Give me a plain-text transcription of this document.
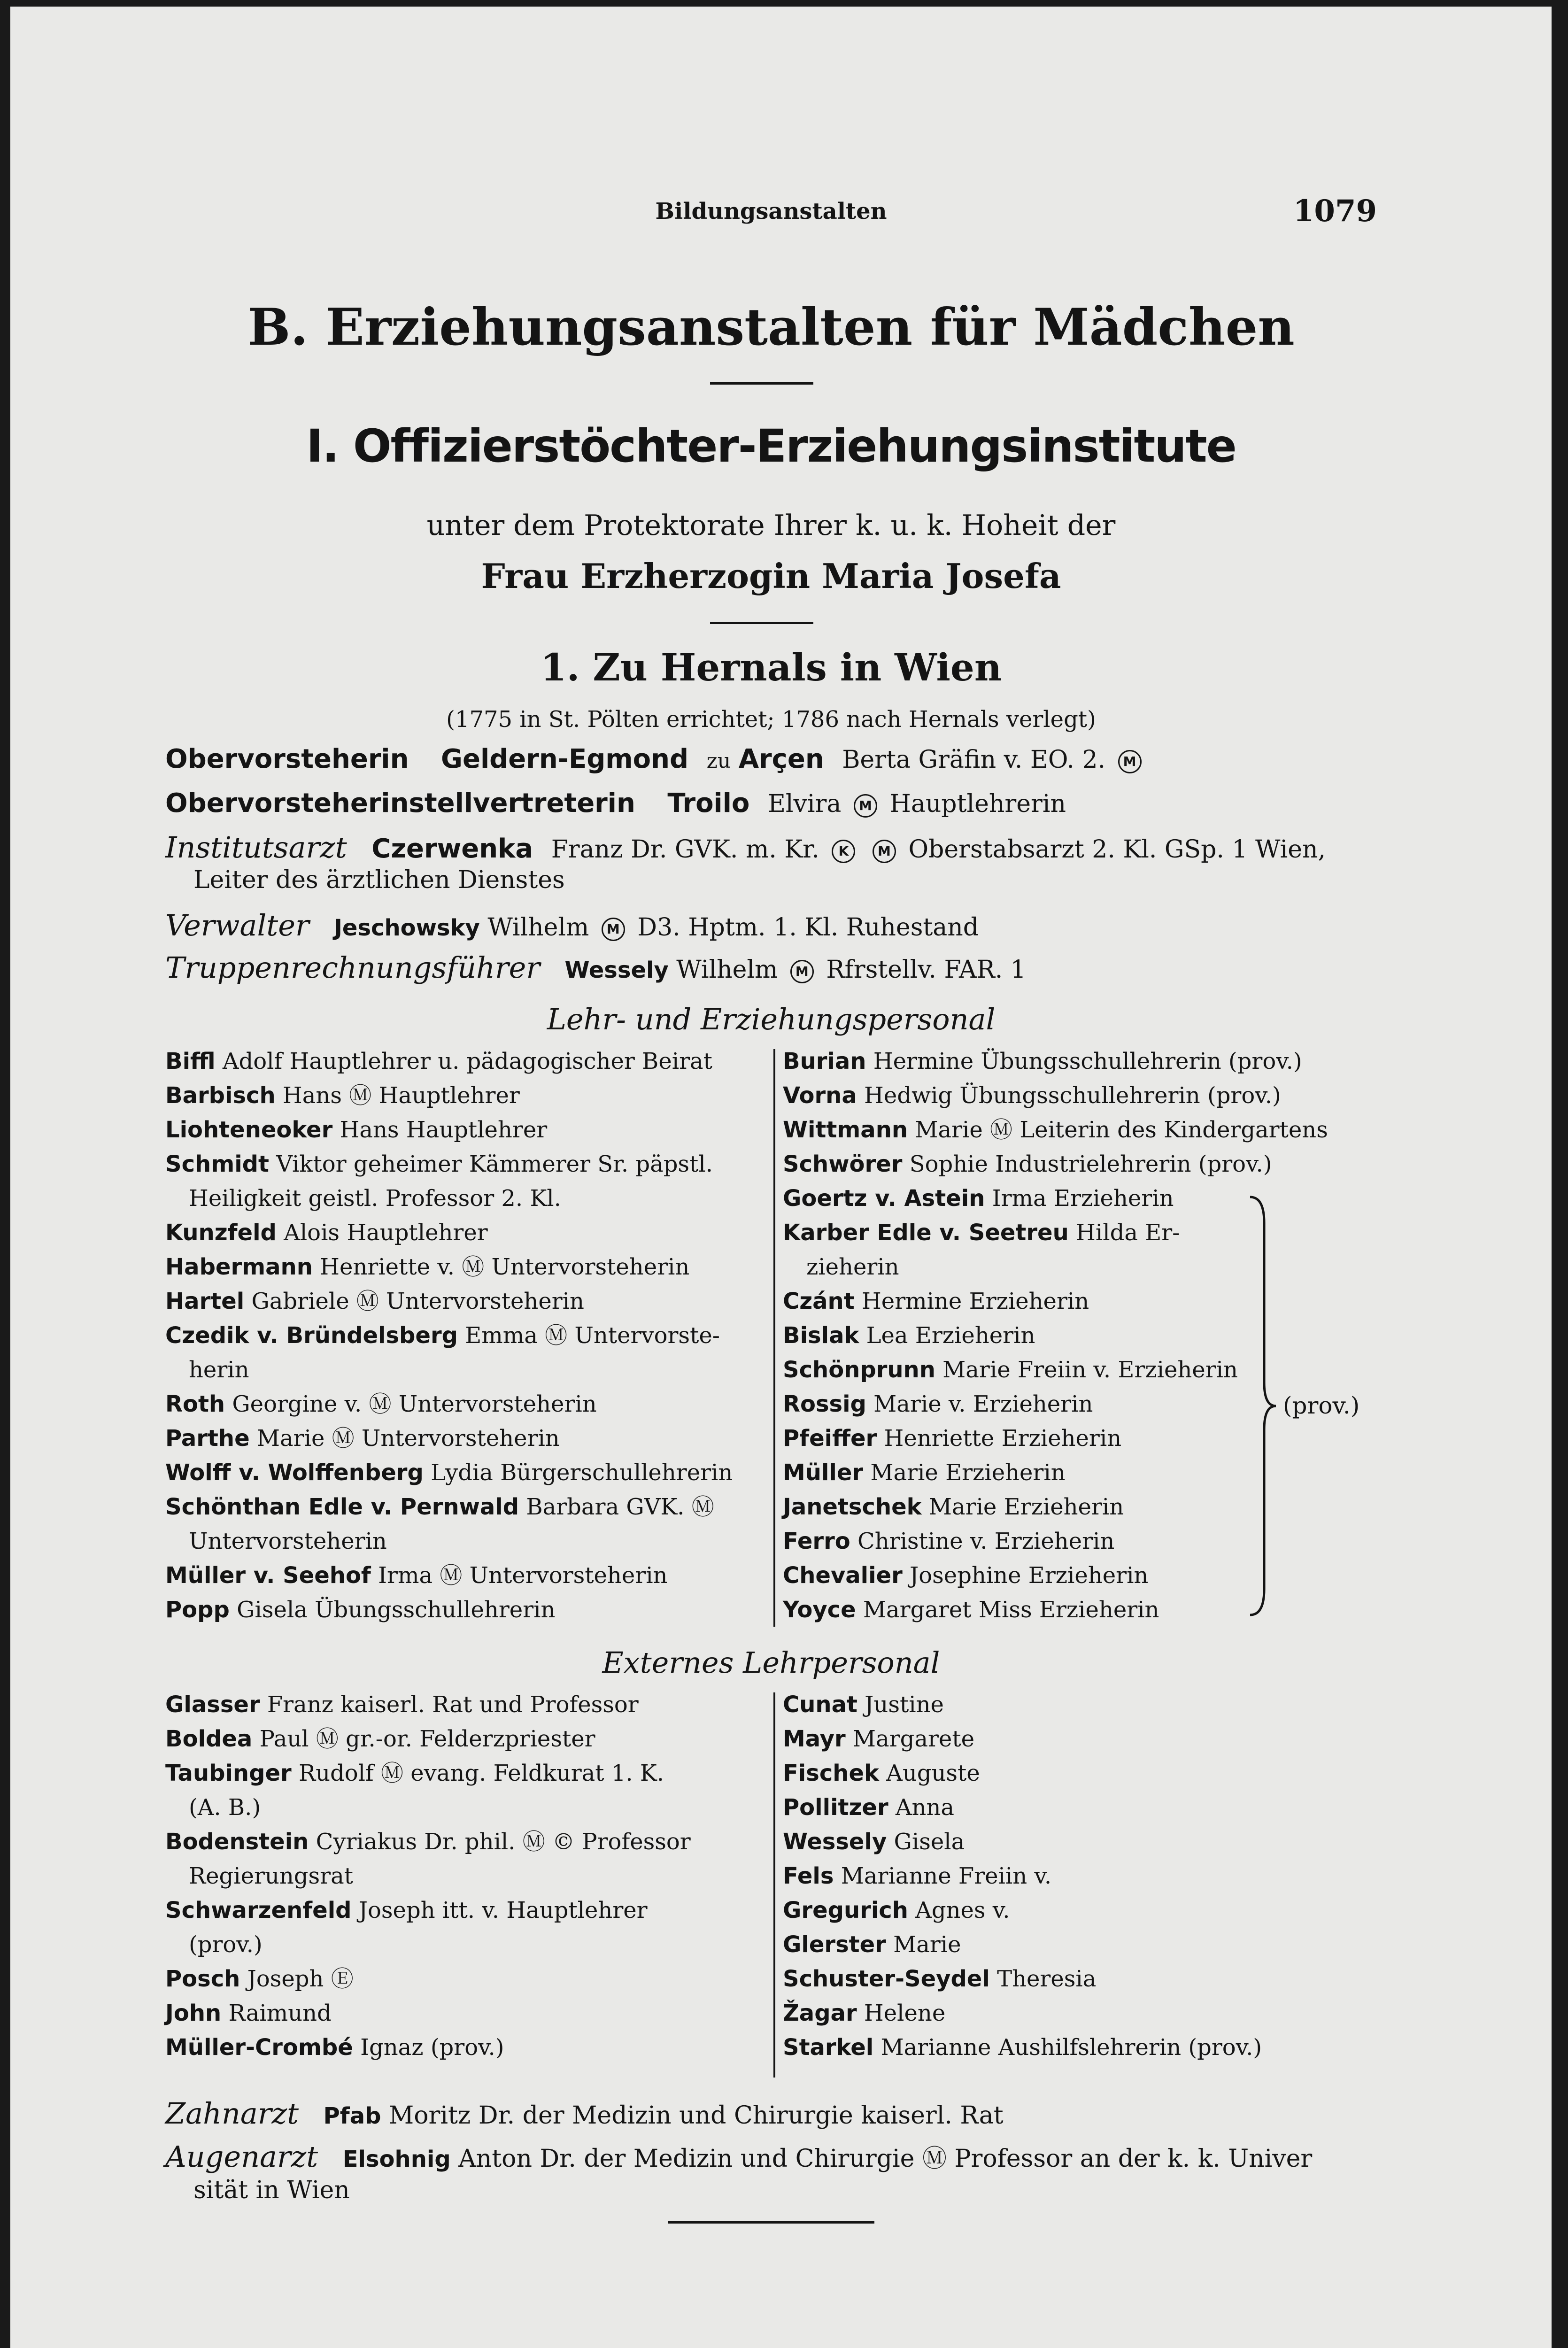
Bildungsanstalten	1079
B. Erziehungsanstalten für Mädchen
I. Offizierstöchter-Erziehungsinstitute
unter dem Protektorate Ihrer k. u. k. Hoheit der
Frau Erzherzogin Maria Josefa
1. Zu Hernals in Wien
(1775 in St. Pölten errichtet; 1786 nach Hernals verlegt)
Obervorsteherin Geldern-Egmond zu Arçen Berta Gräfin v. EO. 2. M
Obervorsteherinstellvertreterin Troilo Elvira M Hauptlehrerin
Institutsarzt Czerwenka Franz Dr. GVK. m. Kr. K M Oberstabsarzt 2. Kl. GSp. 1 Wien,
Leiter des ärztlichen Dienstes
Verwalter Jeschowsky Wilhelm M D3. Hptm. 1. Kl. Ruhestand
Truppenrechnungsführer Wessely Wilhelm M Rfrstellv. FAR. 1
Lehr- und Erziehungspersonal
Biffl Adolf Hauptlehrer u. pädagogischer Beirat
Barbisch Hans Ⓜ Hauptlehrer
Liohteneoker Hans Hauptlehrer
Schmidt Viktor geheimer Kämmerer Sr. päpstl.
Heiligkeit geistl. Professor 2. Kl.
Kunzfeld Alois Hauptlehrer
Habermann Henriette v. Ⓜ Untervorsteherin
Hartel Gabriele Ⓜ Untervorsteherin
Czedik v. Bründelsberg Emma Ⓜ Untervorste-
herin
Roth Georgine v. Ⓜ Untervorsteherin
Parthe Marie Ⓜ Untervorsteherin
Wolff v. Wolffenberg Lydia Bürgerschullehrerin
Schönthan Edle v. Pernwald Barbara GVK. Ⓜ
Untervorsteherin
Müller v. Seehof Irma Ⓜ Untervorsteherin
Popp Gisela Übungsschullehrerin
Burian Hermine Übungsschullehrerin (prov.)
Vorna Hedwig Übungsschullehrerin (prov.)
Wittmann Marie Ⓜ Leiterin des Kindergartens
Schwörer Sophie Industrielehrerin (prov.)
Goertz v. Astein Irma Erzieherin
Karber Edle v. Seetreu Hilda Er-
zieherin
Czánt Hermine Erzieherin
Bislak Lea Erzieherin
Schönprunn Marie Freiin v. Erzieherin
Rossig Marie v. Erzieherin
Pfeiffer Henriette Erzieherin
Müller Marie Erzieherin
Janetschek Marie Erzieherin
Ferro Christine v. Erzieherin
Chevalier Josephine Erzieherin
Yoyce Margaret Miss Erzieherin
(prov.)
Externes Lehrpersonal
Glasser Franz kaiserl. Rat und Professor
Boldea Paul Ⓜ gr.-or. Felderzpriester
Taubinger Rudolf Ⓜ evang. Feldkurat 1. K.
(A. B.)
Bodenstein Cyriakus Dr. phil. Ⓜ © Professor
Regierungsrat
Schwarzenfeld Joseph itt. v. Hauptlehrer
(prov.)
Posch Joseph Ⓔ
John Raimund
Müller-Crombé Ignaz (prov.)
Cunat Justine
Mayr Margarete
Fischek Auguste
Pollitzer Anna
Wessely Gisela
Fels Marianne Freiin v.
Gregurich Agnes v.
Glerster Marie
Schuster-Seydel Theresia
Žagar Helene
Starkel Marianne Aushilfslehrerin (prov.)
Zahnarzt Pfab Moritz Dr. der Medizin und Chirurgie kaiserl. Rat
Augenarzt Elsohnig Anton Dr. der Medizin und Chirurgie Ⓜ Professor an der k. k. Univer
sität in Wien
